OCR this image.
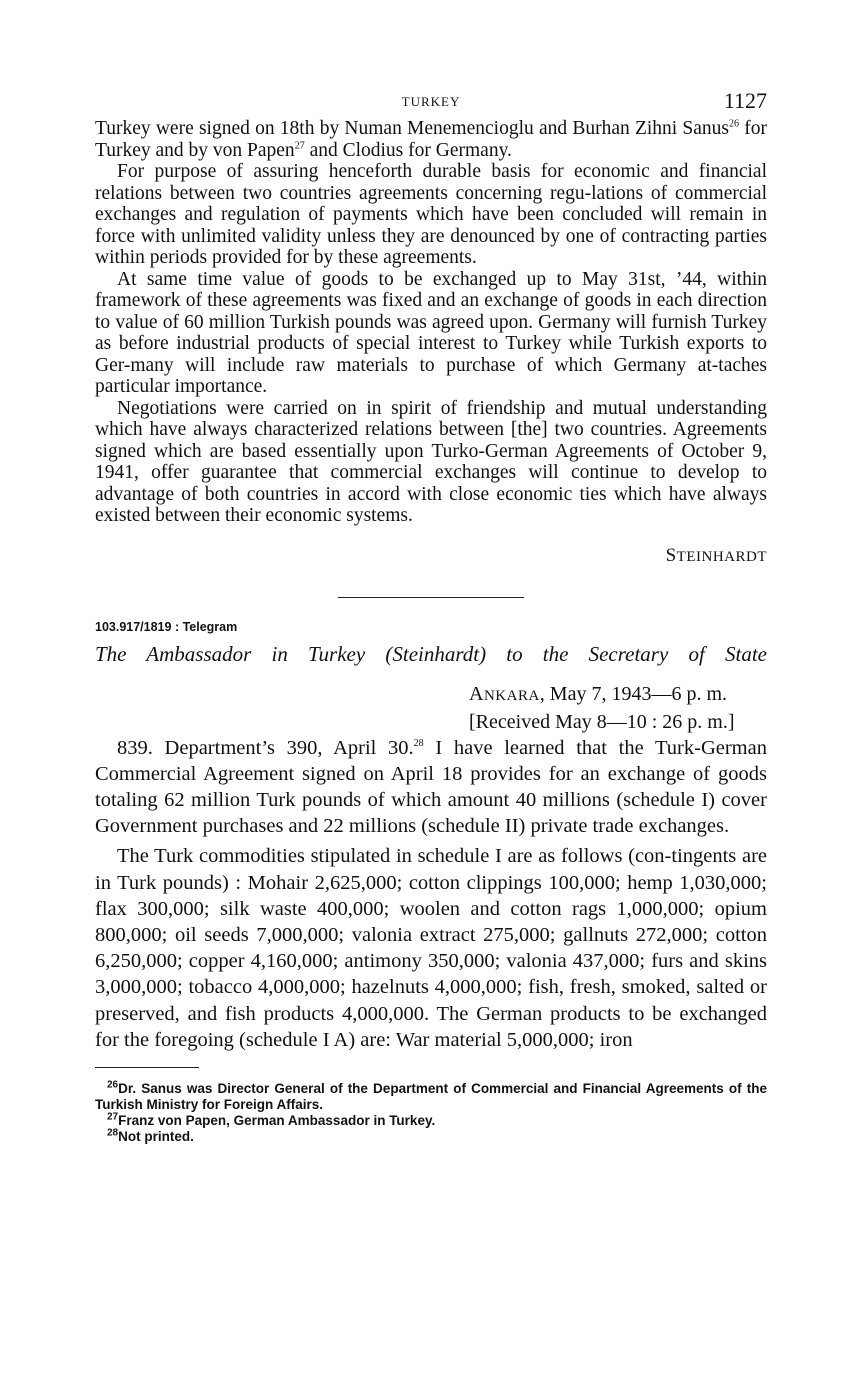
TURKEY	1127

Turkey were signed on 18th by Numan Menemencioglu and Burhan Zihni Sanus$^{26}$ for Turkey and by von Papen$^{27}$ and Clodius for Germany.

For purpose of assuring henceforth durable basis for economic and financial relations between two countries agreements concerning regu-lations of commercial exchanges and regulation of payments which have been concluded will remain in force with unlimited validity unless they are denounced by one of contracting parties within periods provided for by these agreements.

At same time value of goods to be exchanged up to May 31st, ’44, within framework of these agreements was fixed and an exchange of goods in each direction to value of 60 million Turkish pounds was agreed upon. Germany will furnish Turkey as before industrial products of special interest to Turkey while Turkish exports to Ger-many will include raw materials to purchase of which Germany at-taches particular importance.

Negotiations were carried on in spirit of friendship and mutual understanding which have always characterized relations between [the] two countries. Agreements signed which are based essentially upon Turko-German Agreements of October 9, 1941, offer guarantee that commercial exchanges will continue to develop to advantage of both countries in accord with close economic ties which have always existed between their economic systems.

STEINHARDT
103.917/1819 : Telegram
The Ambassador in Turkey (Steinhardt) to the Secretary of State
ANKARA, May 7, 1943—6 p. m.
[Received May 8—10 : 26 p. m.]

839. Department’s 390, April 30.28 I have learned that the Turk-German Commercial Agreement signed on April 18 provides for an exchange of goods totaling 62 million Turk pounds of which amount 40 millions (schedule I) cover Government purchases and 22 millions (schedule II) private trade exchanges.

The Turk commodities stipulated in schedule I are as follows (con-tingents are in Turk pounds) : Mohair 2,625,000; cotton clippings 100,000; hemp 1,030,000; flax 300,000; silk waste 400,000; woolen and cotton rags 1,000,000; opium 800,000; oil seeds 7,000,000; valonia extract 275,000; gallnuts 272,000; cotton 6,250,000; copper 4,160,000; antimony 350,000; valonia 437,000; furs and skins 3,000,000; tobacco 4,000,000; hazelnuts 4,000,000; fish, fresh, smoked, salted or preserved, and fish products 4,000,000. The German products to be exchanged for the foregoing (schedule I A) are: War material 5,000,000; iron

$^{26}$Dr. Sanus was Director General of the Department of Commercial and Financial Agreements of the Turkish Ministry for Foreign Affairs.

$^{27}$Franz von Papen, German Ambassador in Turkey.

$^{28}$Not printed.
